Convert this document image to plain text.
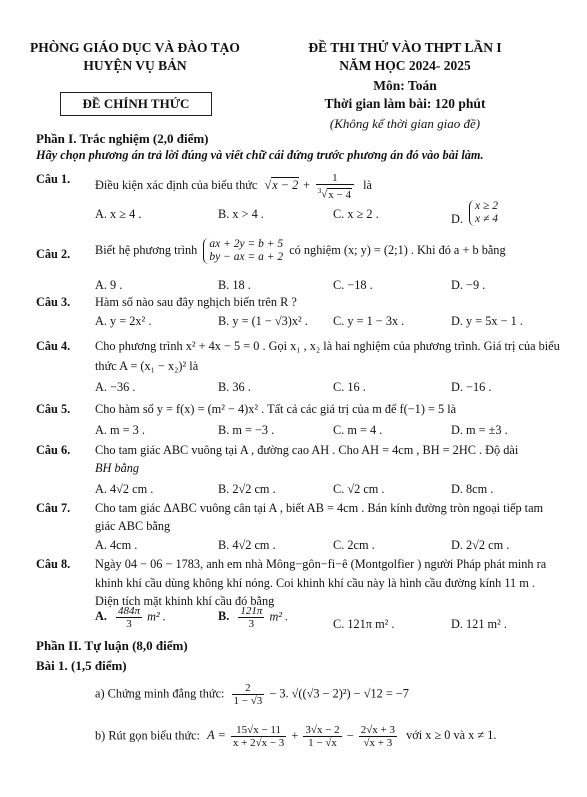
PHÒNG GIÁO DỤC VÀ ĐÀO TẠO
HUYỆN VỤ BẢN
ĐỀ CHÍNH THỨC
ĐỀ THI THỬ VÀO THPT LẦN I
NĂM HỌC 2024- 2025
Môn: Toán
Thời gian làm bài: 120 phút
(Không kể thời gian giao đề)
Phần I. Trắc nghiệm (2,0 điểm)
Hãy chọn phương án trả lời đúng và viết chữ cái đứng trước phương án đó vào bài làm.
Câu 1. Điều kiện xác định của biểu thức $√x - 2 + \frac{1}{^3√x - 4}$ là
A. x ≥ 4 .	B. x > 4 .	C. x ≥ 2 .	D.
x ≥ 2
x ≠ 4
Câu 2. Biết hệ phương trình ax + 2y = b + 5
by − ax = a + 2
có nghiệm (x; y) = (2;1) . Khi đó a + b bằng
A. 9 .	B. 18 .	C. −18 .	D. −9 .
Câu 3. Hàm số nào sau đây nghịch biến trên R ?
A. y = 2x² .	B. y = (1 − √3)x² . C. y = 1 − 3x .	D. y = 5x − 1 .
Câu 4. Cho phương trình x² + 4x − 5 = 0 . Gọi x₁ , x₂ là hai nghiệm của phương trình. Giá trị của biểu
thức A = (x₁ − x₂)² là
A. −36 .	B. 36 .	C. 16 .	D. −16 .
Câu 5. Cho hàm số y = f(x) = (m² − 4)x² . Tất cả các giá trị của m để f(−1) = 5 là
A. m = 3 .	B. m = −3 .	C. m = 4 .	D. m = ±3 .
Câu 6. Cho tam giác ABC vuông tại A , đường cao AH . Cho AH = 4cm , BH = 2HC . Độ dài
BH bằng
A. 4√2 cm .	B. 2√2 cm .	C. √2 cm .	D. 8cm .
Câu 7. Cho tam giác ΔABC vuông cân tại A , biết AB = 4cm . Bán kính đường tròn ngoại tiếp tam
giác ABC bằng
A. 4cm .	B. 4√2 cm .	C. 2cm .	D. 2√2 cm .
Câu 8. Ngày 04 − 06 − 1783, anh em nhà Mông−gôn−fi−ê (Montgolfier ) người Pháp phát minh ra
khinh khí cầu dùng không khí nóng. Coi khinh khí cầu này là hình cầu đường kính 11 m .
Diện tích mặt khinh khí cầu đó bằng
A. $\frac{484\pi}{3} m^2$ .	B. $\frac{121\pi}{3} m^2$ .
C. 121π m² .	D. 121 m² .
Phần II. Tự luận (8,0 điểm)
Bài 1. (1,5 điểm)
a) Chứng minh đẳng thức: $\frac{2}{1 - √3} - 3$. √((√3 − 2)²) − √12 = −7
b) Rút gọn biểu thức: $A = \frac{15√x - 11}{x + 2√x - 3} + \frac{3√x - 2}{1 - √x} - \frac{2√x + 3}{√x + 3}$ với x ≥ 0 và x ≠ 1.
